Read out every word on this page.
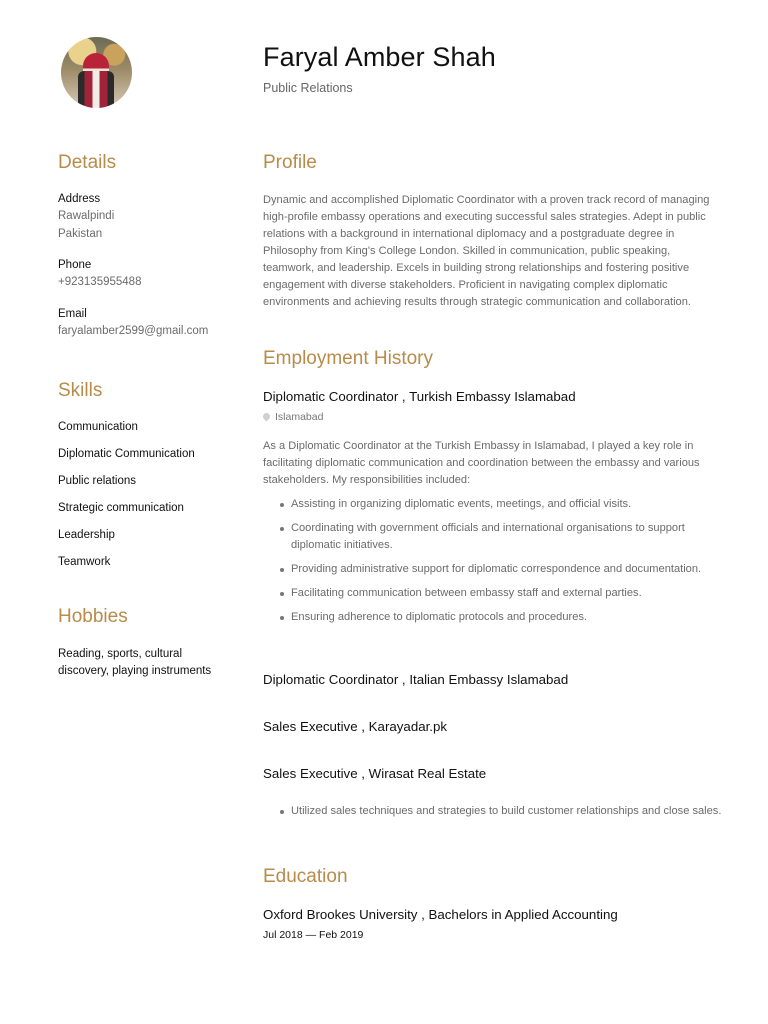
Faryal Amber Shah
Public Relations
Details
Address
Rawalpindi
Pakistan
Phone
+923135955488
Email
faryalamber2599@gmail.com
Skills
Communication
Diplomatic Communication
Public relations
Strategic communication
Leadership
Teamwork
Hobbies
Reading, sports, cultural discovery, playing instruments
Profile
Dynamic and accomplished Diplomatic Coordinator with a proven track record of managing high-profile embassy operations and executing successful sales strategies. Adept in public relations with a background in international diplomacy and a postgraduate degree in Philosophy from King's College London. Skilled in communication, public speaking, teamwork, and leadership. Excels in building strong relationships and fostering positive engagement with diverse stakeholders. Proficient in navigating complex diplomatic environments and achieving results through strategic communication and collaboration.
Employment History
Diplomatic Coordinator , Turkish Embassy Islamabad
Islamabad
As a Diplomatic Coordinator at the Turkish Embassy in Islamabad, I played a key role in facilitating diplomatic communication and coordination between the embassy and various stakeholders. My responsibilities included:
Assisting in organizing diplomatic events, meetings, and official visits.
Coordinating with government officials and international organisations to support diplomatic initiatives.
Providing administrative support for diplomatic correspondence and documentation.
Facilitating communication between embassy staff and external parties.
Ensuring adherence to diplomatic protocols and procedures.
Diplomatic Coordinator , Italian Embassy Islamabad
Sales Executive , Karayadar.pk
Sales Executive , Wirasat Real Estate
Utilized sales techniques and strategies to build customer relationships and close sales.
Education
Oxford Brookes University , Bachelors in Applied Accounting
Jul 2018 — Feb 2019
